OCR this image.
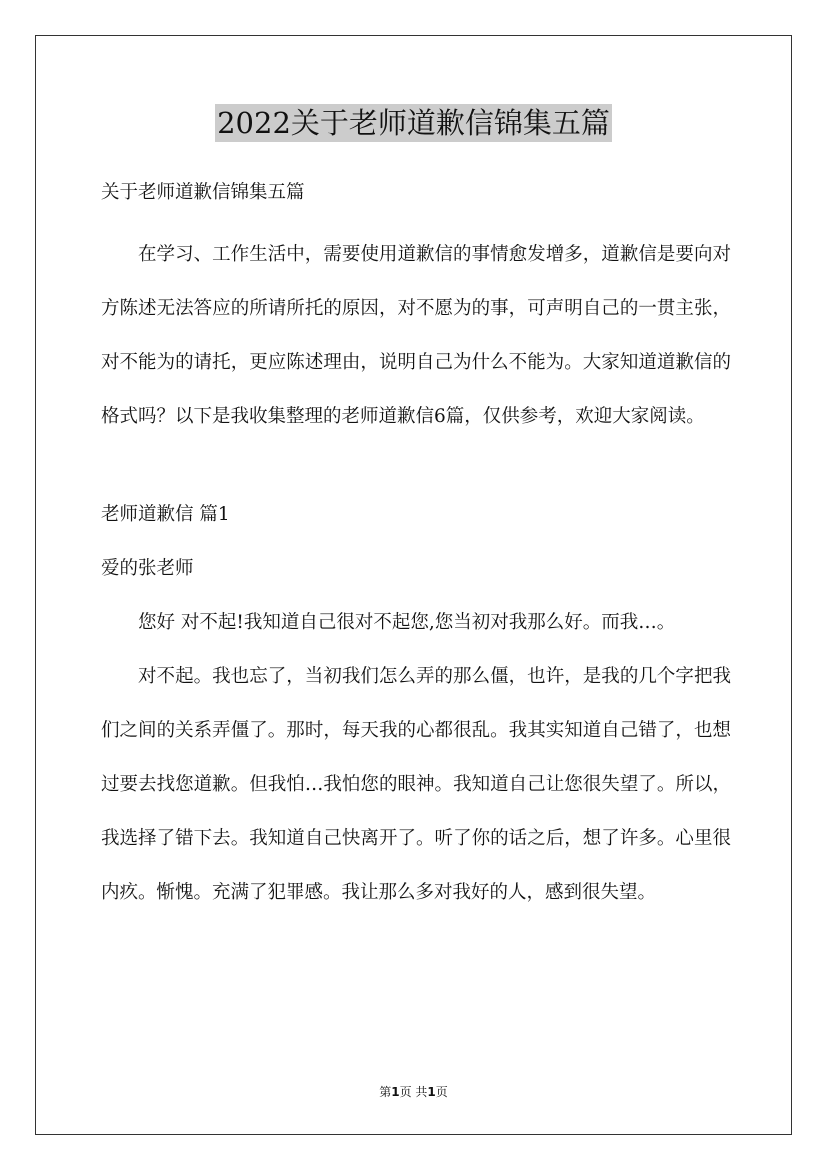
2022关于老师道歉信锦集五篇

关于老师道歉信锦集五篇

在学习、工作生活中，需要使用道歉信的事情愈发增多，道歉信是要向对方陈述无法答应的所请所托的原因，对不愿为的事，可声明自己的一贯主张，对不能为的请托，更应陈述理由，说明自己为什么不能为。大家知道道歉信的格式吗？以下是我收集整理的老师道歉信6篇，仅供参考，欢迎大家阅读。

老师道歉信 篇1

爱的张老师

您好 对不起!我知道自己很对不起您,您当初对我那么好。而我…。

对不起。我也忘了，当初我们怎么弄的那么僵，也许，是我的几个字把我们之间的关系弄僵了。那时，每天我的心都很乱。我其实知道自己错了，也想过要去找您道歉。但我怕…我怕您的眼神。我知道自己让您很失望了。所以，我选择了错下去。我知道自己快离开了。听了你的话之后，想了许多。心里很内疚。惭愧。充满了犯罪感。我让那么多对我好的人，感到很失望。

第1页 共1页
